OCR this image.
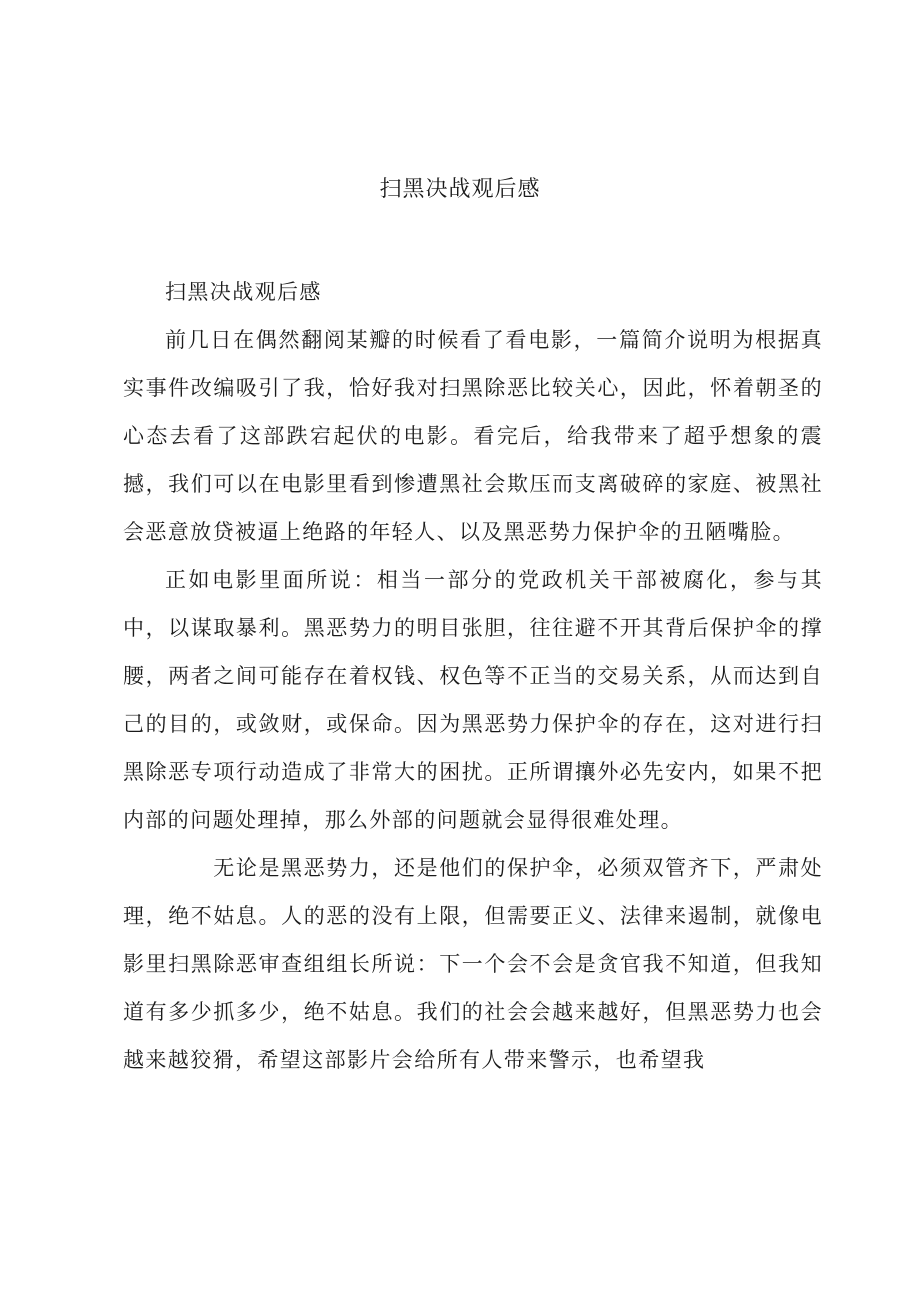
扫黑决战观后感

扫黑决战观后感

前几日在偶然翻阅某瓣的时候看了看电影，一篇简介说明为根据真实事件改编吸引了我，恰好我对扫黑除恶比较关心，因此，怀着朝圣的心态去看了这部跌宕起伏的电影。看完后，给我带来了超乎想象的震撼，我们可以在电影里看到惨遭黑社会欺压而支离破碎的家庭、被黑社会恶意放贷被逼上绝路的年轻人、以及黑恶势力保护伞的丑陋嘴脸。

正如电影里面所说：相当一部分的党政机关干部被腐化，参与其中，以谋取暴利。黑恶势力的明目张胆，往往避不开其背后保护伞的撑腰，两者之间可能存在着权钱、权色等不正当的交易关系，从而达到自己的目的，或敛财，或保命。因为黑恶势力保护伞的存在，这对进行扫黑除恶专项行动造成了非常大的困扰。正所谓攘外必先安内，如果不把内部的问题处理掉，那么外部的问题就会显得很难处理。

无论是黑恶势力，还是他们的保护伞，必须双管齐下，严肃处理，绝不姑息。人的恶的没有上限，但需要正义、法律来遏制，就像电影里扫黑除恶审查组组长所说：下一个会不会是贪官我不知道，但我知道有多少抓多少，绝不姑息。我们的社会会越来越好，但黑恶势力也会越来越狡猾，希望这部影片会给所有人带来警示，也希望我
